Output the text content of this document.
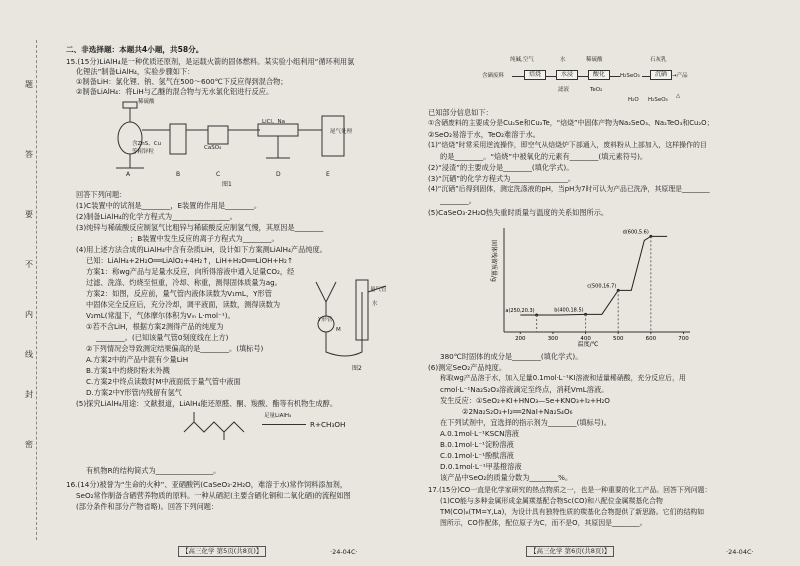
题
答
要
不
内
线
封
密
二、非选择题：本题共4小题，共58分。
15.(15分)LiAlH₄是一种优质还原剂，是运载火箭的固体燃料。某实验小组利用“循环利用氯
化锂法”制备LiAlH₄，实验步骤如下：
①制备LiH：氯化锂、钠、氢气在500～600℃下反应得到混合物；
②制备LiAlH₄：将LiH与乙醚的混合物与无水氯化铝进行反应。
稀硫酸
含ZnS、Cu
等粗锌粒
CaSO₄
LiCl、Na
尾气处理
A	B	C	D	E
图1
回答下列问题：
(1)C装置中的试剂是________，E装置的作用是________。
(2)制备LiAlH₄的化学方程式为________________。
(3)纯锌与稀硫酸反应制氢气比粗锌与稀硫酸反应制氢气慢，其原因是________
；B装置中发生反应的离子方程式为________。
(4)用上述方法合成的LiAlH₄中含有杂质LiH，设计如下方案测LiAlH₄产品纯度。
已知：LiAlH₄+2H₂O══LiAlO₂+4H₂↑，LiH+H₂O══LiOH+H₂↑
方案1：称wg产品与足量水反应，向所得溶液中通入足量CO₂，经
过滤、洗涤、灼烧至恒重，冷却、称重，测得固体质量为ag。
方案2：如图，反应前，量气管内液体读数为V₁mL，Y形管
中固体完全反应后，充分冷却，调平液面，读数，测得读数为
V₂mL(常温下，气体摩尔体积为Vₘ L·mol⁻¹)。
①若不含LiH，根据方案2测得产品的纯度为
________。(已知该量气管0刻度线在上方)
②下列情况会导致测定结果偏高的是________。(填标号)
A.方案2中的产品中混有少量LiH
B.方案1中灼烧时粉末外溅
C.方案2中终点读数时M中液面低于量气管中液面
D.方案2中Y形管内残留有氢气
Y形管
量气管
M
水
图2
(5)探究LiAlH₄用途：文献报道，LiAlH₄能还原醛、酮、羧酸、酯等有机物生成醇。
足量LiAlH₄
R+CH₃OH
有机物R的结构简式为________________。
16.(14分)被誉为“生命的火种”、亚硒酸钙(CaSeO₃·2H₂O，难溶于水)常作饲料添加剂，
SeO₂常作制备含硒营养物质的原料。一种从硒泥(主要含硒化铜和二氧化硒)的流程如图
(部分条件和部分产物省略)。回答下列问题：
【高三化学 第5页(共8页)】	·24-04C·
纯碱,空气	水	稀硫酸	石灰乳
含硒废料	焙烧	水浸	酸化	H₂SeO₃	沉硒 →产品
滤液	TeO₂
H₂O H₂SeO₃
△
已知部分信息如下：
①含硒废料的主要成分是Cu₂Se和Cu₂Te，“焙烧”中固体产物为Na₂SeO₃、Na₂TeO₃和Cu₂O；
②SeO₂易溶于水，TeO₂难溶于水。
(1)“焙烧”时常采用逆流操作，即空气从焙烧炉下部通入，废料粉从上部加入，这样操作的目
的是________。“焙烧”中被氧化的元素有________(填元素符号)。
(2)“浸渣”的主要成分是________(填化学式)。
(3)“沉硒”的化学方程式为________________。
(4)“沉硒”后得到固体，测定洗涤液的pH，当pH为7时可认为产品已洗净，其原理是________
________。
(5)CaSeO₃·2H₂O热失重时质量与温度的关系如图所示。
固体残留质量/g
200	300	400	500	600	700
a(250,20.3)	b(400,18.5)
c(500,16.7)
d(600,5.6)
温度/℃
380℃时固体的成分是________(填化学式)。
(6)测定SeO₂产品纯度。
称取wg产品溶于水，加入足量0.1mol·L⁻¹KI溶液和适量稀硝酸，充分反应后，用
cmol·L⁻¹Na₂S₂O₃溶液滴定至终点，消耗VmL溶液。
发生反应：①SeO₂+KI+HNO₃—Se+KNO₃+I₂+H₂O
②2Na₂S₂O₃+I₂══2NaI+Na₂S₄O₆
在下列试剂中，宜选择的指示剂为________(填标号)。
A.0.1mol·L⁻¹KSCN溶液
B.0.1mol·L⁻¹淀粉溶液
C.0.1mol·L⁻¹酚酞溶液
D.0.1mol·L⁻¹甲基橙溶液
该产品中SeO₂的质量分数为________%。
17.(15分)CO一直是化学家研究的热点物质之一，也是一种重要的化工产品。回答下列问题：
(1)CO能与多种金属形成金属羰基配合物Sc(CO)和八配位金属羰基化合物
TM(CO)₈(TM=Y,La)，为设计具有独特性质的羰基化合物提供了新思路。它们的结构如
图所示，CO作配体，配位原子为C，而不是O，其原因是________。
【高三化学 第6页(共8页)】	·24-04C·
